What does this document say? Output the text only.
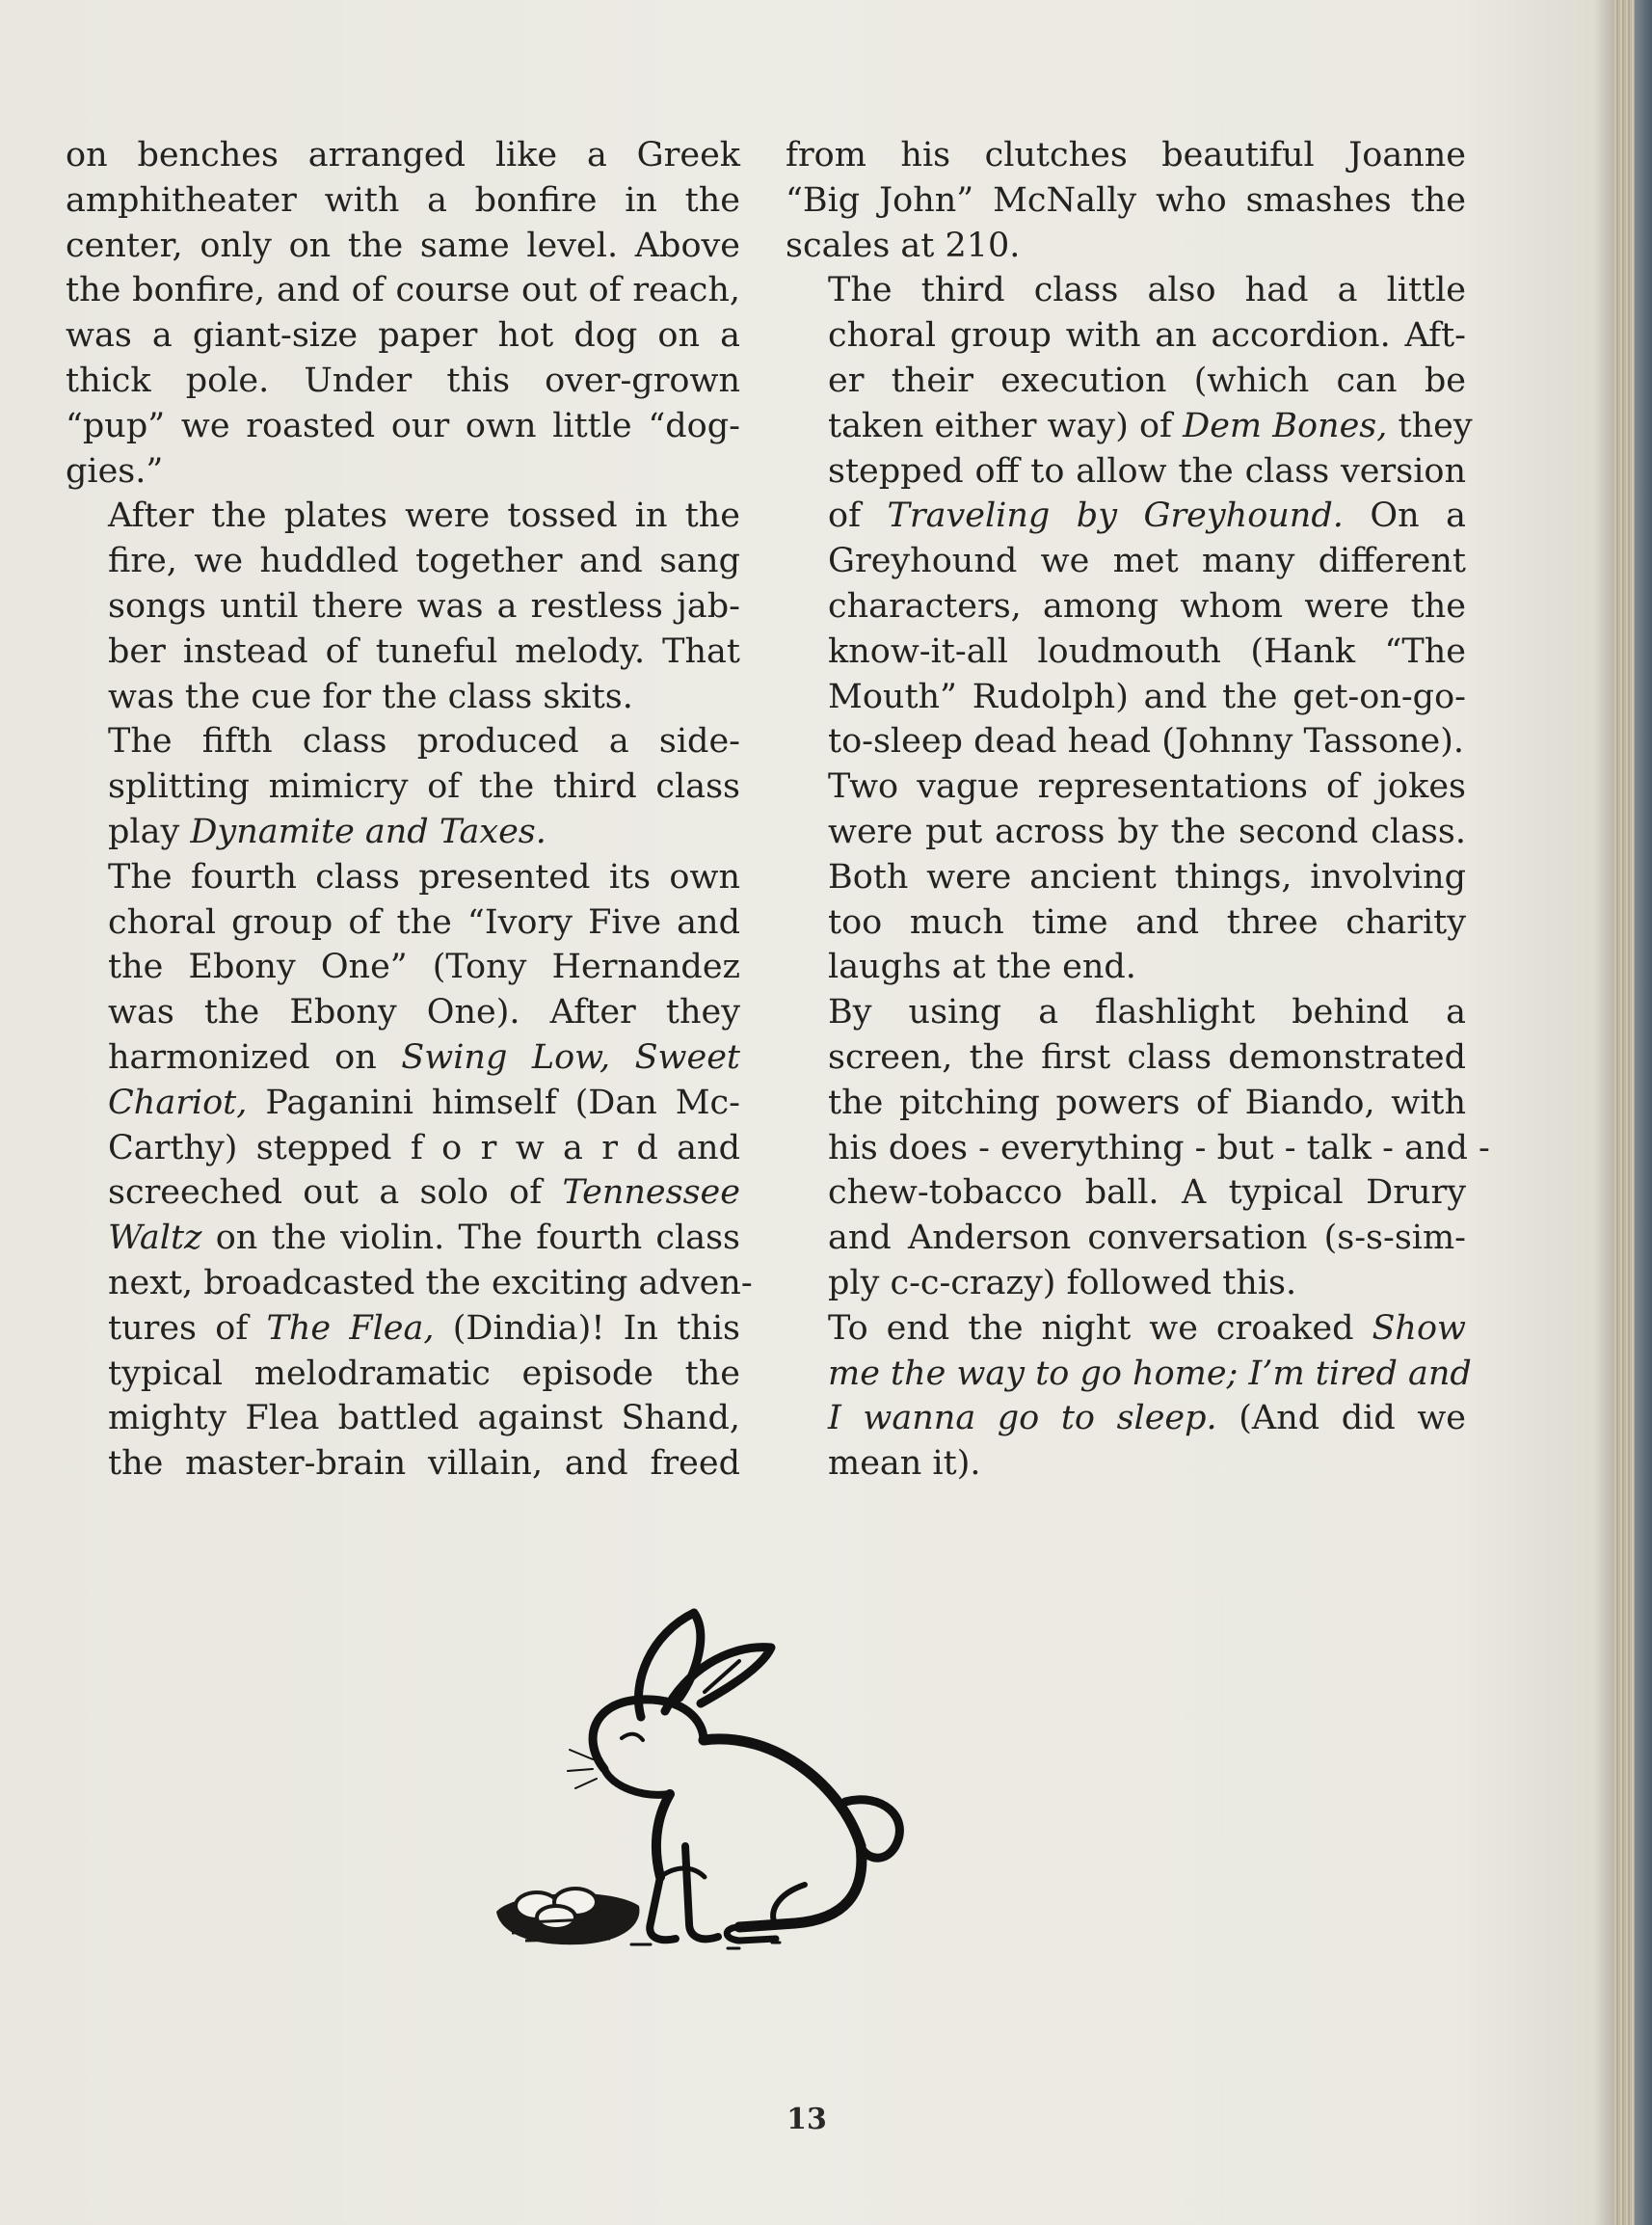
on benches arranged like a Greek
amphitheater with a bonfire in the
center, only on the same level. Above
the bonfire, and of course out of reach,
was a giant-size paper hot dog on a
thick pole. Under this over-grown
“pup” we roasted our own little “dog-
gies.”

After the plates were tossed in the
fire, we huddled together and sang
songs until there was a restless jab-
ber instead of tuneful melody. That
was the cue for the class skits.

The fifth class produced a side-
splitting mimicry of the third class
play Dynamite and Taxes.

The fourth class presented its own
choral group of the “Ivory Five and
the Ebony One” (Tony Hernandez
was the Ebony One). After they
harmonized on Swing Low, Sweet
Chariot, Paganini himself (Dan Mc-
Carthy) stepped f o r w a r d and
screeched out a solo of Tennessee
Waltz on the violin. The fourth class
next, broadcasted the exciting adven-
tures of The Flea, (Dindia)! In this
typical melodramatic episode the
mighty Flea battled against Shand,
the master-brain villain, and freed

from his clutches beautiful Joanne
“Big John” McNally who smashes the
scales at 210.

The third class also had a little
choral group with an accordion. Aft-
er their execution (which can be
taken either way) of Dem Bones, they
stepped off to allow the class version
of Traveling by Greyhound. On a
Greyhound we met many different
characters, among whom were the
know-it-all loudmouth (Hank “The
Mouth” Rudolph) and the get-on-go-
to-sleep dead head (Johnny Tassone).

Two vague representations of jokes
were put across by the second class.
Both were ancient things, involving
too much time and three charity
laughs at the end.

By using a flashlight behind a
screen, the first class demonstrated
the pitching powers of Biando, with
his does - everything - but - talk - and -
chew-tobacco ball. A typical Drury
and Anderson conversation (s-s-sim-
ply c-c-crazy) followed this.

To end the night we croaked Show
me the way to go home; I’m tired and
I wanna go to sleep. (And did we
mean it).

13
